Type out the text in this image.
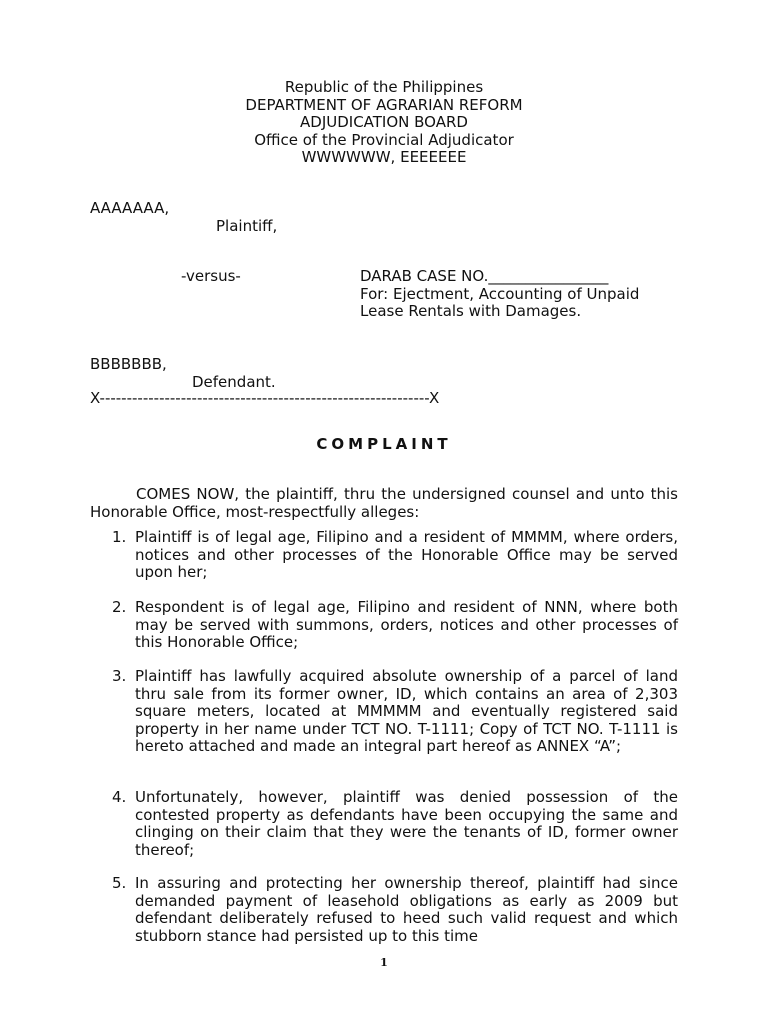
Republic of the Philippines
DEPARTMENT OF AGRARIAN REFORM
ADJUDICATION BOARD
Office of the Provincial Adjudicator
WWWWWW, EEEEEEE
AAAAAAA,
Plaintiff,
-versus-	DARAB CASE NO.________________
For: Ejectment, Accounting of Unpaid
Lease Rentals with Damages.
BBBBBBB,
Defendant.
X-------------------------------------------------------------X
COMPLAINT
COMES NOW, the plaintiff, thru the undersigned counsel and unto this Honorable Office, most-respectfully alleges:
1. Plaintiff is of legal age, Filipino and a resident of MMMM, where orders, notices and other processes of the Honorable Office may be served upon her;
2. Respondent is of legal age, Filipino and resident of NNN, where both may be served with summons, orders, notices and other processes of this Honorable Office;
3. Plaintiff has lawfully acquired absolute ownership of a parcel of land thru sale from its former owner, ID, which contains an area of 2,303 square meters, located at MMMMM and eventually registered said property in her name under TCT NO. T-1111; Copy of TCT NO. T-1111 is hereto attached and made an integral part hereof as ANNEX “A”;
4. Unfortunately, however, plaintiff was denied possession of the contested property as defendants have been occupying the same and clinging on their claim that they were the tenants of ID, former owner thereof;
5. In assuring and protecting her ownership thereof, plaintiff had since demanded payment of leasehold obligations as early as 2009 but defendant deliberately refused to heed such valid request and which stubborn stance had persisted up to this time
1
